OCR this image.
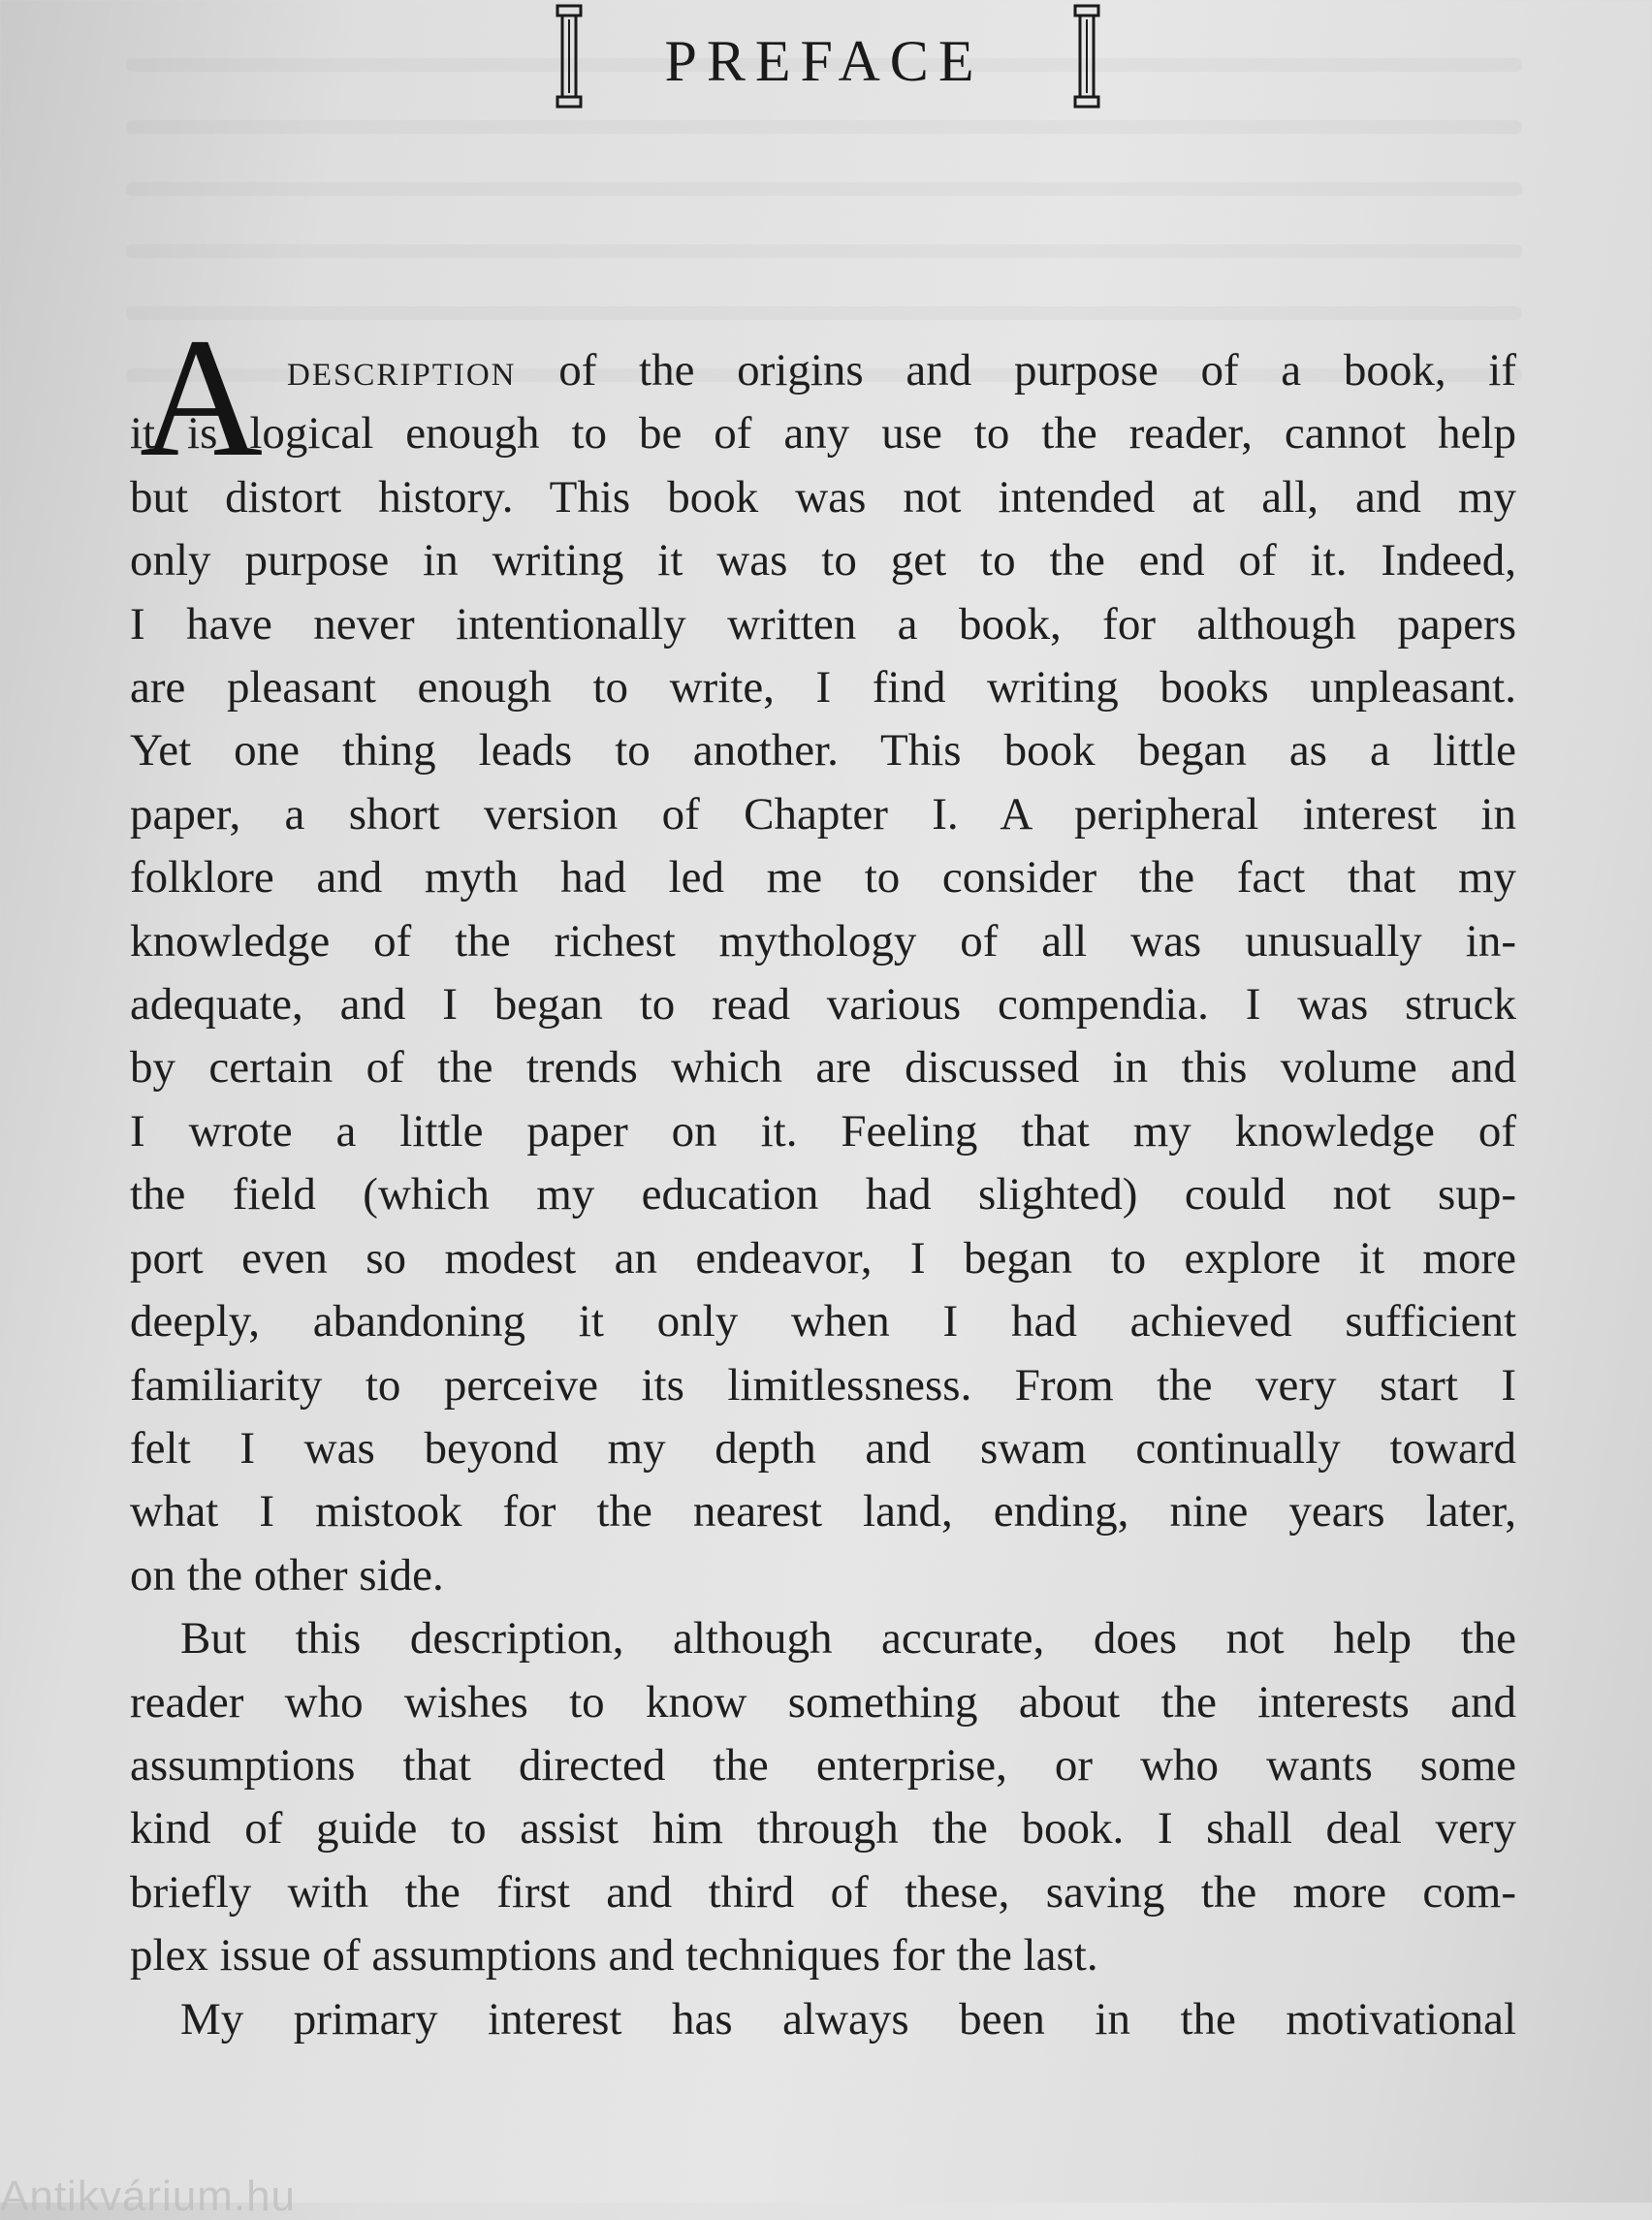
PREFACE
A description of the origins and purpose of a book, if
it is logical enough to be of any use to the reader, cannot help
but distort history. This book was not intended at all, and my
only purpose in writing it was to get to the end of it. Indeed,
I have never intentionally written a book, for although papers
are pleasant enough to write, I find writing books unpleasant.
Yet one thing leads to another. This book began as a little
paper, a short version of Chapter I. A peripheral interest in
folklore and myth had led me to consider the fact that my
knowledge of the richest mythology of all was unusually in-
adequate, and I began to read various compendia. I was struck
by certain of the trends which are discussed in this volume and
I wrote a little paper on it. Feeling that my knowledge of
the field (which my education had slighted) could not sup-
port even so modest an endeavor, I began to explore it more
deeply, abandoning it only when I had achieved sufficient
familiarity to perceive its limitlessness. From the very start I
felt I was beyond my depth and swam continually toward
what I mistook for the nearest land, ending, nine years later,
on the other side.
But this description, although accurate, does not help the
reader who wishes to know something about the interests and
assumptions that directed the enterprise, or who wants some
kind of guide to assist him through the book. I shall deal very
briefly with the first and third of these, saving the more com-
plex issue of assumptions and techniques for the last.
My primary interest has always been in the motivational
Antikvárium.hu
